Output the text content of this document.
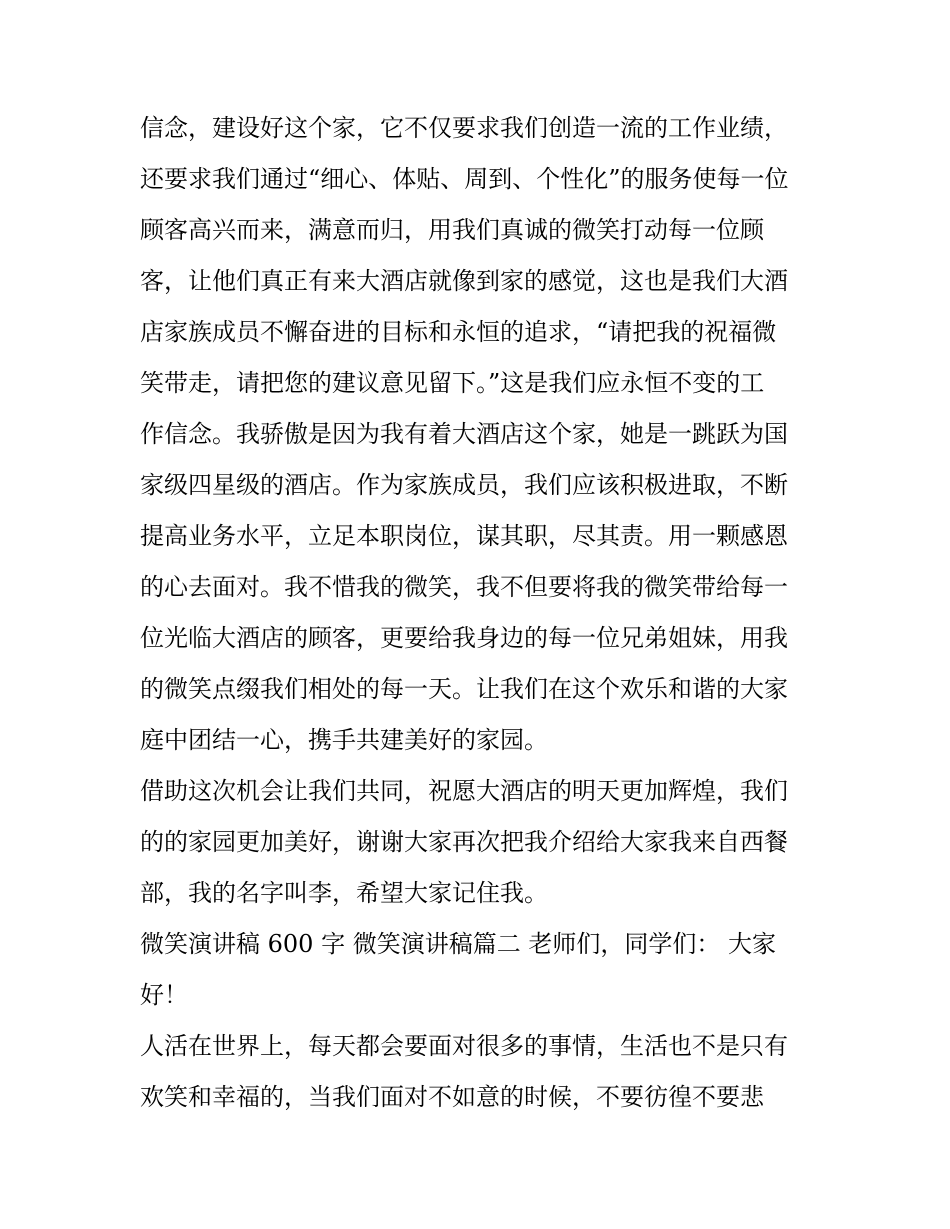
信念，建设好这个家，它不仅要求我们创造一流的工作业绩，
还要求我们通过“细心、体贴、周到、个性化”的服务使每一位
顾客高兴而来，满意而归，用我们真诚的微笑打动每一位顾
客，让他们真正有来大酒店就像到家的感觉，这也是我们大酒
店家族成员不懈奋进的目标和永恒的追求，“请把我的祝福微
笑带走，请把您的建议意见留下。”这是我们应永恒不变的工
作信念。我骄傲是因为我有着大酒店这个家，她是一跳跃为国
家级四星级的酒店。作为家族成员，我们应该积极进取，不断
提高业务水平，立足本职岗位，谋其职，尽其责。用一颗感恩
的心去面对。我不惜我的微笑，我不但要将我的微笑带给每一
位光临大酒店的顾客，更要给我身边的每一位兄弟姐妹，用我
的微笑点缀我们相处的每一天。让我们在这个欢乐和谐的大家
庭中团结一心，携手共建美好的家园。
借助这次机会让我们共同，祝愿大酒店的明天更加辉煌，我们
的的家园更加美好，谢谢大家再次把我介绍给大家我来自西餐
部，我的名字叫李，希望大家记住我。
微笑演讲稿 600 字 微笑演讲稿篇二 老师们，同学们： 大家
好！
人活在世界上，每天都会要面对很多的事情，生活也不是只有
欢笑和幸福的，当我们面对不如意的时候，不要彷徨不要悲
